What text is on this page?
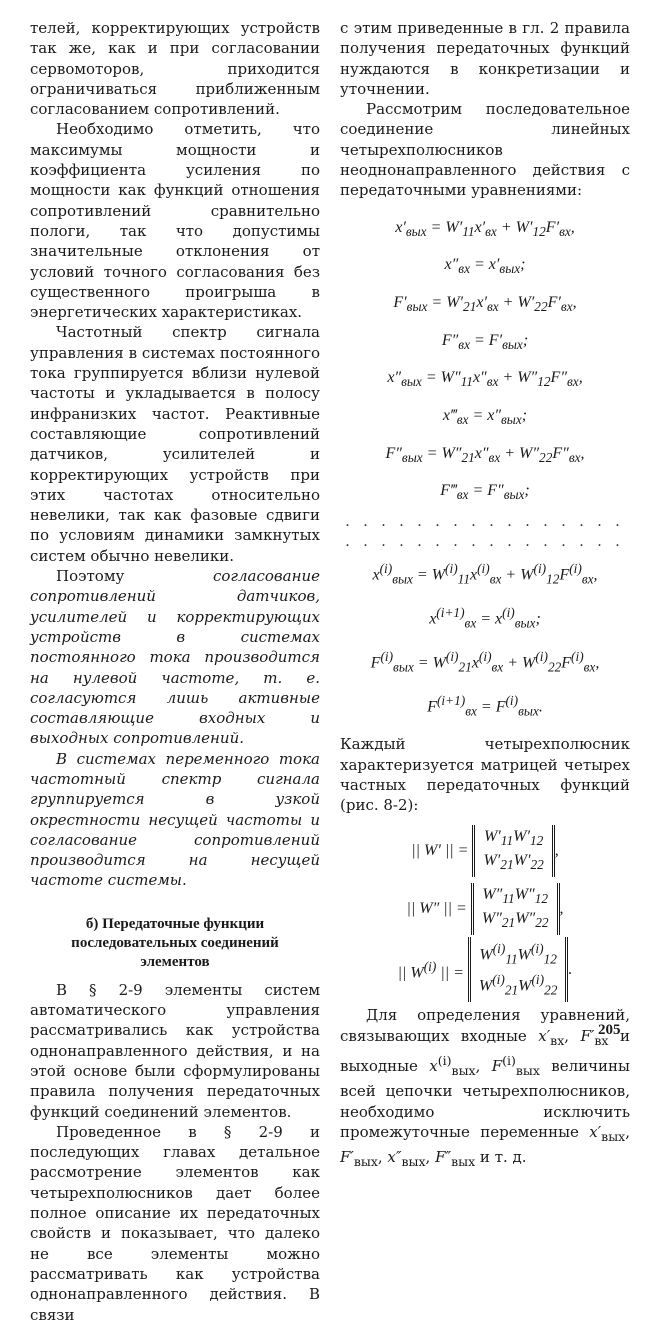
телей, корректирующих устройств так же, как и при согласовании сервомоторов, приходится ограничиваться приближенным согласованием сопротивлений.

Необходимо отметить, что максимумы мощности и коэффициента усиления по мощности как функций отношения сопротивлений сравнительно пологи, так что допустимы значительные отклонения от условий точного согласования без существенного проигрыша в энергетических характеристиках.

Частотный спектр сигнала управления в системах постоянного тока группируется вблизи нулевой частоты и укладывается в полосу инфранизких частот. Реактивные составляющие сопротивлений датчиков, усилителей и корректирующих устройств при этих частотах относительно невелики, так как фазовые сдвиги по условиям динамики замкнутых систем обычно невелики.

Поэтому	согласование сопротивлений датчиков, усилителей и корректирующих устройств в системах постоянного тока производится на нулевой частоте, т. е. согласуются лишь активные составляющие входных и выходных сопротивлений.

В системах переменного тока частотный спектр сигнала группируется в узкой окрестности несущей частоты и согласование сопротивлений производится на несущей частоте системы.

б) Передаточные функции последовательных соединений элементов

В § 2-9 элементы систем автоматического управления рассматривались как устройства однонаправленного действия, и на этой основе были сформулированы правила получения передаточных функций соединений элементов.

Проведенное в § 2-9 и последующих главах детальное рассмотрение элементов как четырехполюсников дает более полное описание их передаточных свойств и показывает, что далеко не все элементы можно рассматривать как устройства однонаправленного действия. В связи

с этим приведенные в гл. 2 правила получения передаточных функций нуждаются в конкретизации и уточнении.

Рассмотрим последовательное соединение линейных четырехполюсников неоднонаправленного действия с передаточными уравнениями:

$x'_{вых} = W'_{11}x'_{вх} + W'_{12}F'_{вх}$,
$x''_{вх} = x'_{вых}$;
$F'_{вых} = W'_{21}x'_{вх} + W'_{22}F'_{вх}$,
$F''_{вх} = F'_{вых}$;
$x''_{вых} = W''_{11}x''_{вх} + W''_{12}F''_{вх}$,
$x‴_{вх} = x''_{вых}$;
$F''_{вых} = W''_{21}x''_{вх} + W''_{22}F''_{вх}$,
$F‴_{вх} = F''_{вых}$;
. . . . . . . . . . . . . . . .
. . . . . . . . . . . . . . . .
$x^{(i)}_{вых} = W^{(i)}_{11}x^{(i)}_{вх} + W^{(i)}_{12}F^{(i)}_{вх}$,
$x^{(i+1)}_{вх} = x^{(i)}_{вых}$;
$F^{(i)}_{вых} = W^{(i)}_{21}x^{(i)}_{вх} + W^{(i)}_{22}F^{(i)}_{вх}$,
$F^{(i+1)}_{вх} = F^{(i)}_{вых}$.

Каждый четырехполюсник характеризуется матрицей четырех частных передаточных функций (рис. 8-2):

|| W′ || = $W'_{11}W'_{12}$
$W'_{21}W'_{22}$,
|| W″ || = $W''_{11}W''_{12}$
$W''_{21}W''_{22}$,
|| $W^{(i)}$ || = $W^{(i)}_{11}W^{(i)}_{12}$
$W^{(i)}_{21}W^{(i)}_{22}$.

Для определения уравнений, связывающих входные $x'_{вх}$, $F'_{вх}$ и выходные $x^{(i)}_{вых}$, $F^{(i)}_{вых}$ величины всей цепочки четырехполюсников, необходимо исключить промежуточные переменные $x'_{вых}$, $F'_{вых}$, $x''_{вых}$, $F''_{вых}$ и т. д.

205
